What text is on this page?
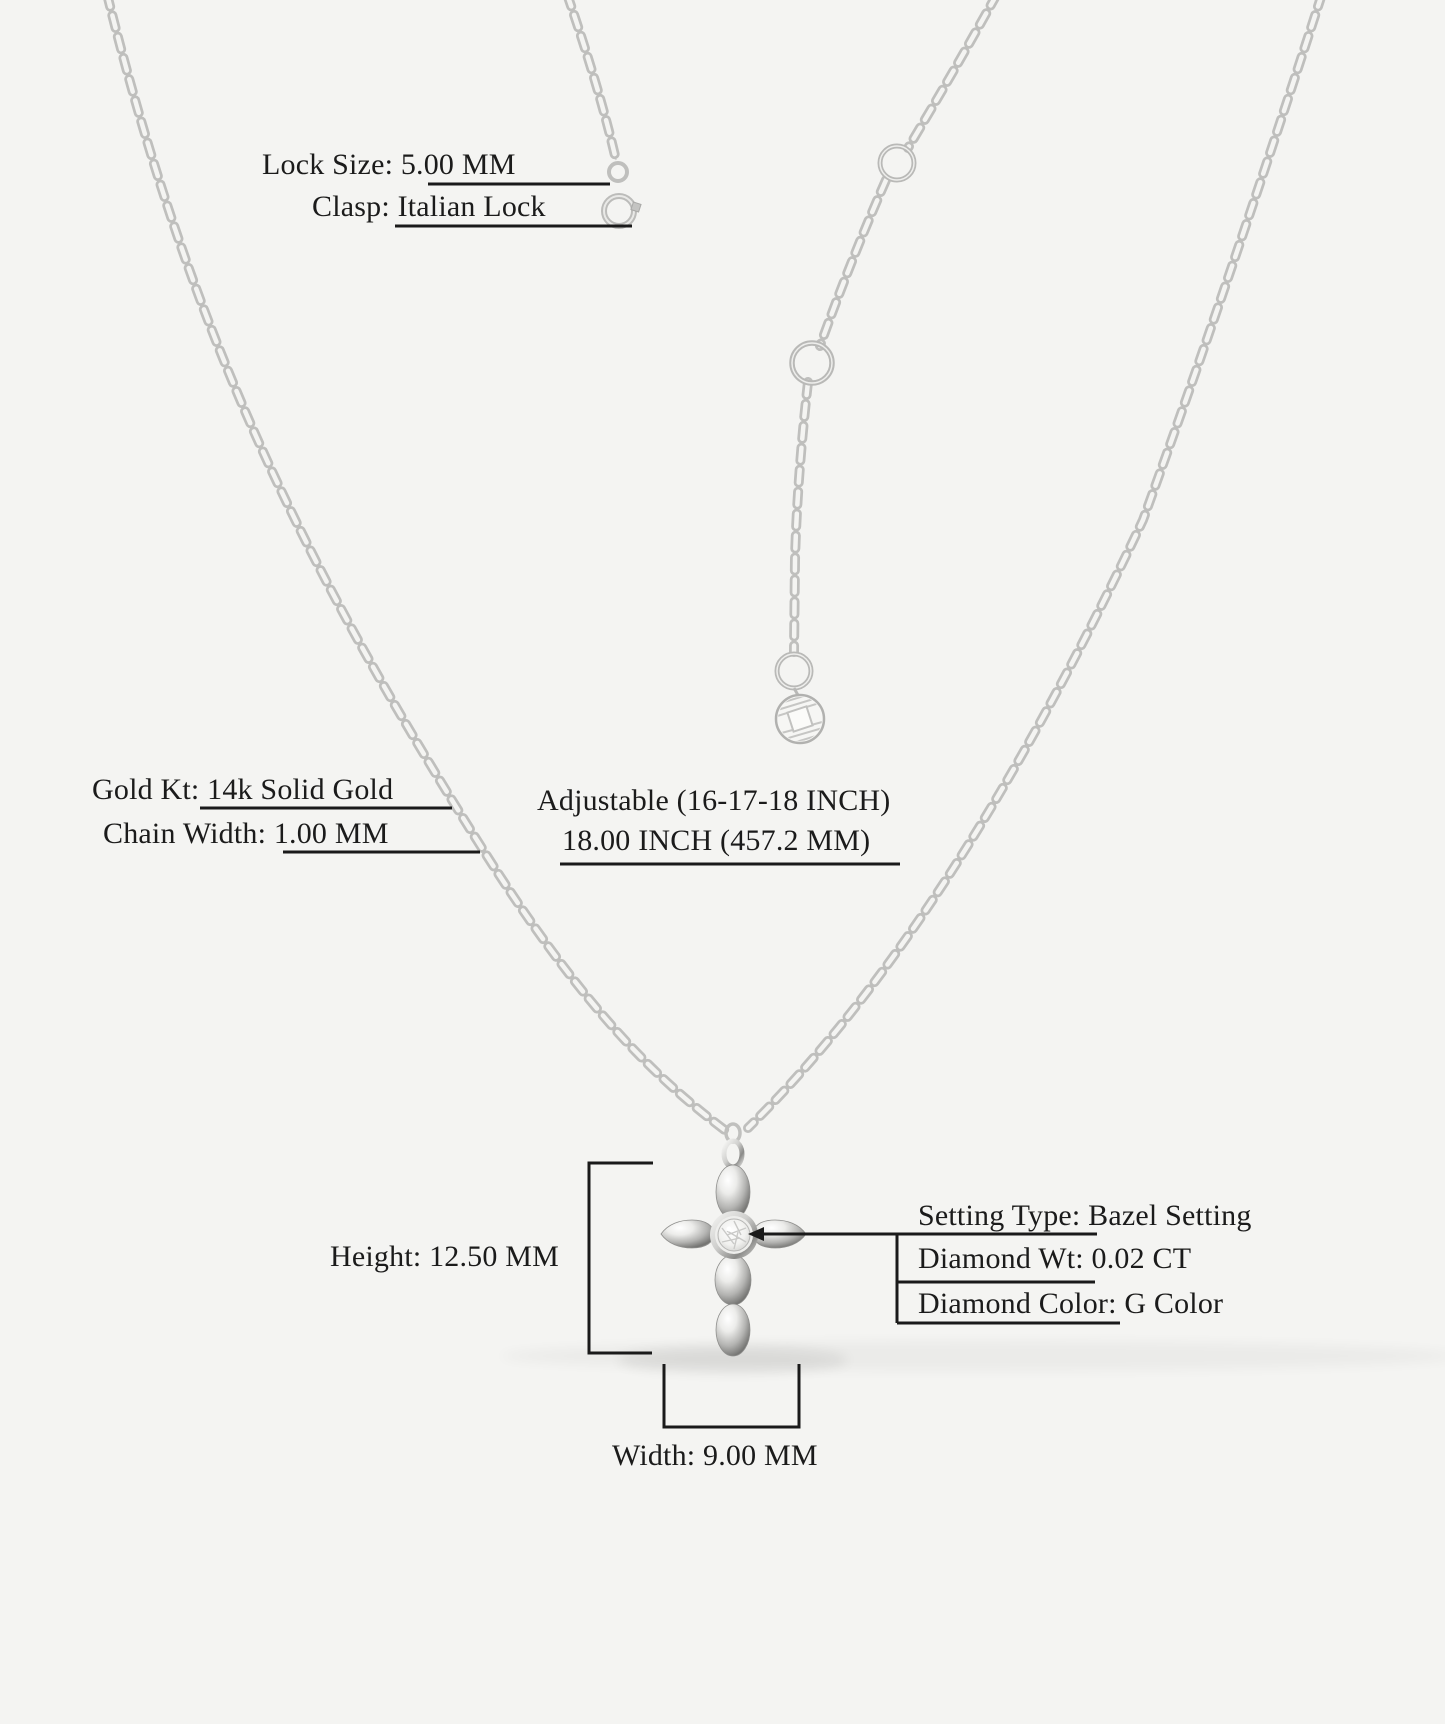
Lock Size: 5.00 MM
Clasp: Italian Lock
Gold Kt: 14k Solid Gold
Chain Width: 1.00 MM
Adjustable (16-17-18 INCH)
18.00 INCH (457.2 MM)
Height: 12.50 MM
Width: 9.00 MM
Setting Type: Bazel Setting
Diamond Wt: 0.02 CT
Diamond Color: G Color
